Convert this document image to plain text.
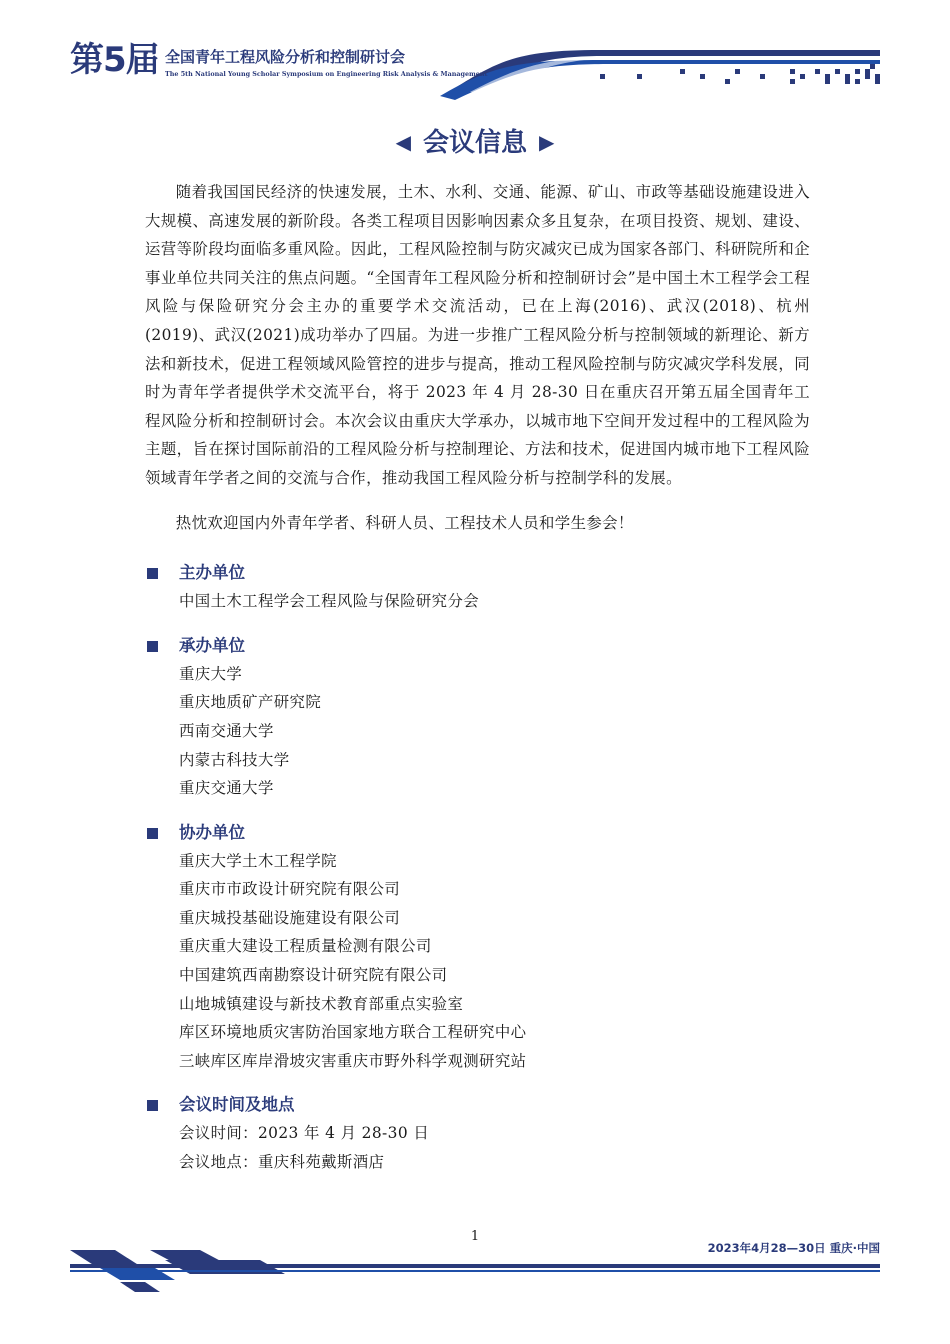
第5届 全国青年工程风险分析和控制研讨会
The 5th National Young Scholar Symposium on Engineering Risk Analysis & Management
◀ 会议信息 ▶

随着我国国民经济的快速发展，土木、水利、交通、能源、矿山、市政等基础设施建设进入大规模、高速发展的新阶段。各类工程项目因影响因素众多且复杂，在项目投资、规划、建设、运营等阶段均面临多重风险。因此，工程风险控制与防灾减灾已成为国家各部门、科研院所和企事业单位共同关注的焦点问题。“全国青年工程风险分析和控制研讨会”是中国土木工程学会工程风险与保险研究分会主办的重要学术交流活动，已在上海(2016)、武汉(2018)、杭州(2019)、武汉(2021)成功举办了四届。为进一步推广工程风险分析与控制领域的新理论、新方法和新技术，促进工程领域风险管控的进步与提高，推动工程风险控制与防灾减灾学科发展，同时为青年学者提供学术交流平台，将于 2023 年 4 月 28-30 日在重庆召开第五届全国青年工程风险分析和控制研讨会。本次会议由重庆大学承办，以城市地下空间开发过程中的工程风险为主题，旨在探讨国际前沿的工程风险分析与控制理论、方法和技术，促进国内城市地下工程风险领域青年学者之间的交流与合作，推动我国工程风险分析与控制学科的发展。

热忱欢迎国内外青年学者、科研人员、工程技术人员和学生参会！

主办单位
中国土木工程学会工程风险与保险研究分会
承办单位
重庆大学
重庆地质矿产研究院
西南交通大学
内蒙古科技大学
重庆交通大学
协办单位
重庆大学土木工程学院
重庆市市政设计研究院有限公司
重庆城投基础设施建设有限公司
重庆重大建设工程质量检测有限公司
中国建筑西南勘察设计研究院有限公司
山地城镇建设与新技术教育部重点实验室
库区环境地质灾害防治国家地方联合工程研究中心
三峡库区库岸滑坡灾害重庆市野外科学观测研究站
会议时间及地点
会议时间：2023 年 4 月 28-30 日
会议地点：重庆科苑戴斯酒店
1
2023年4月28—30日 重庆·中国
